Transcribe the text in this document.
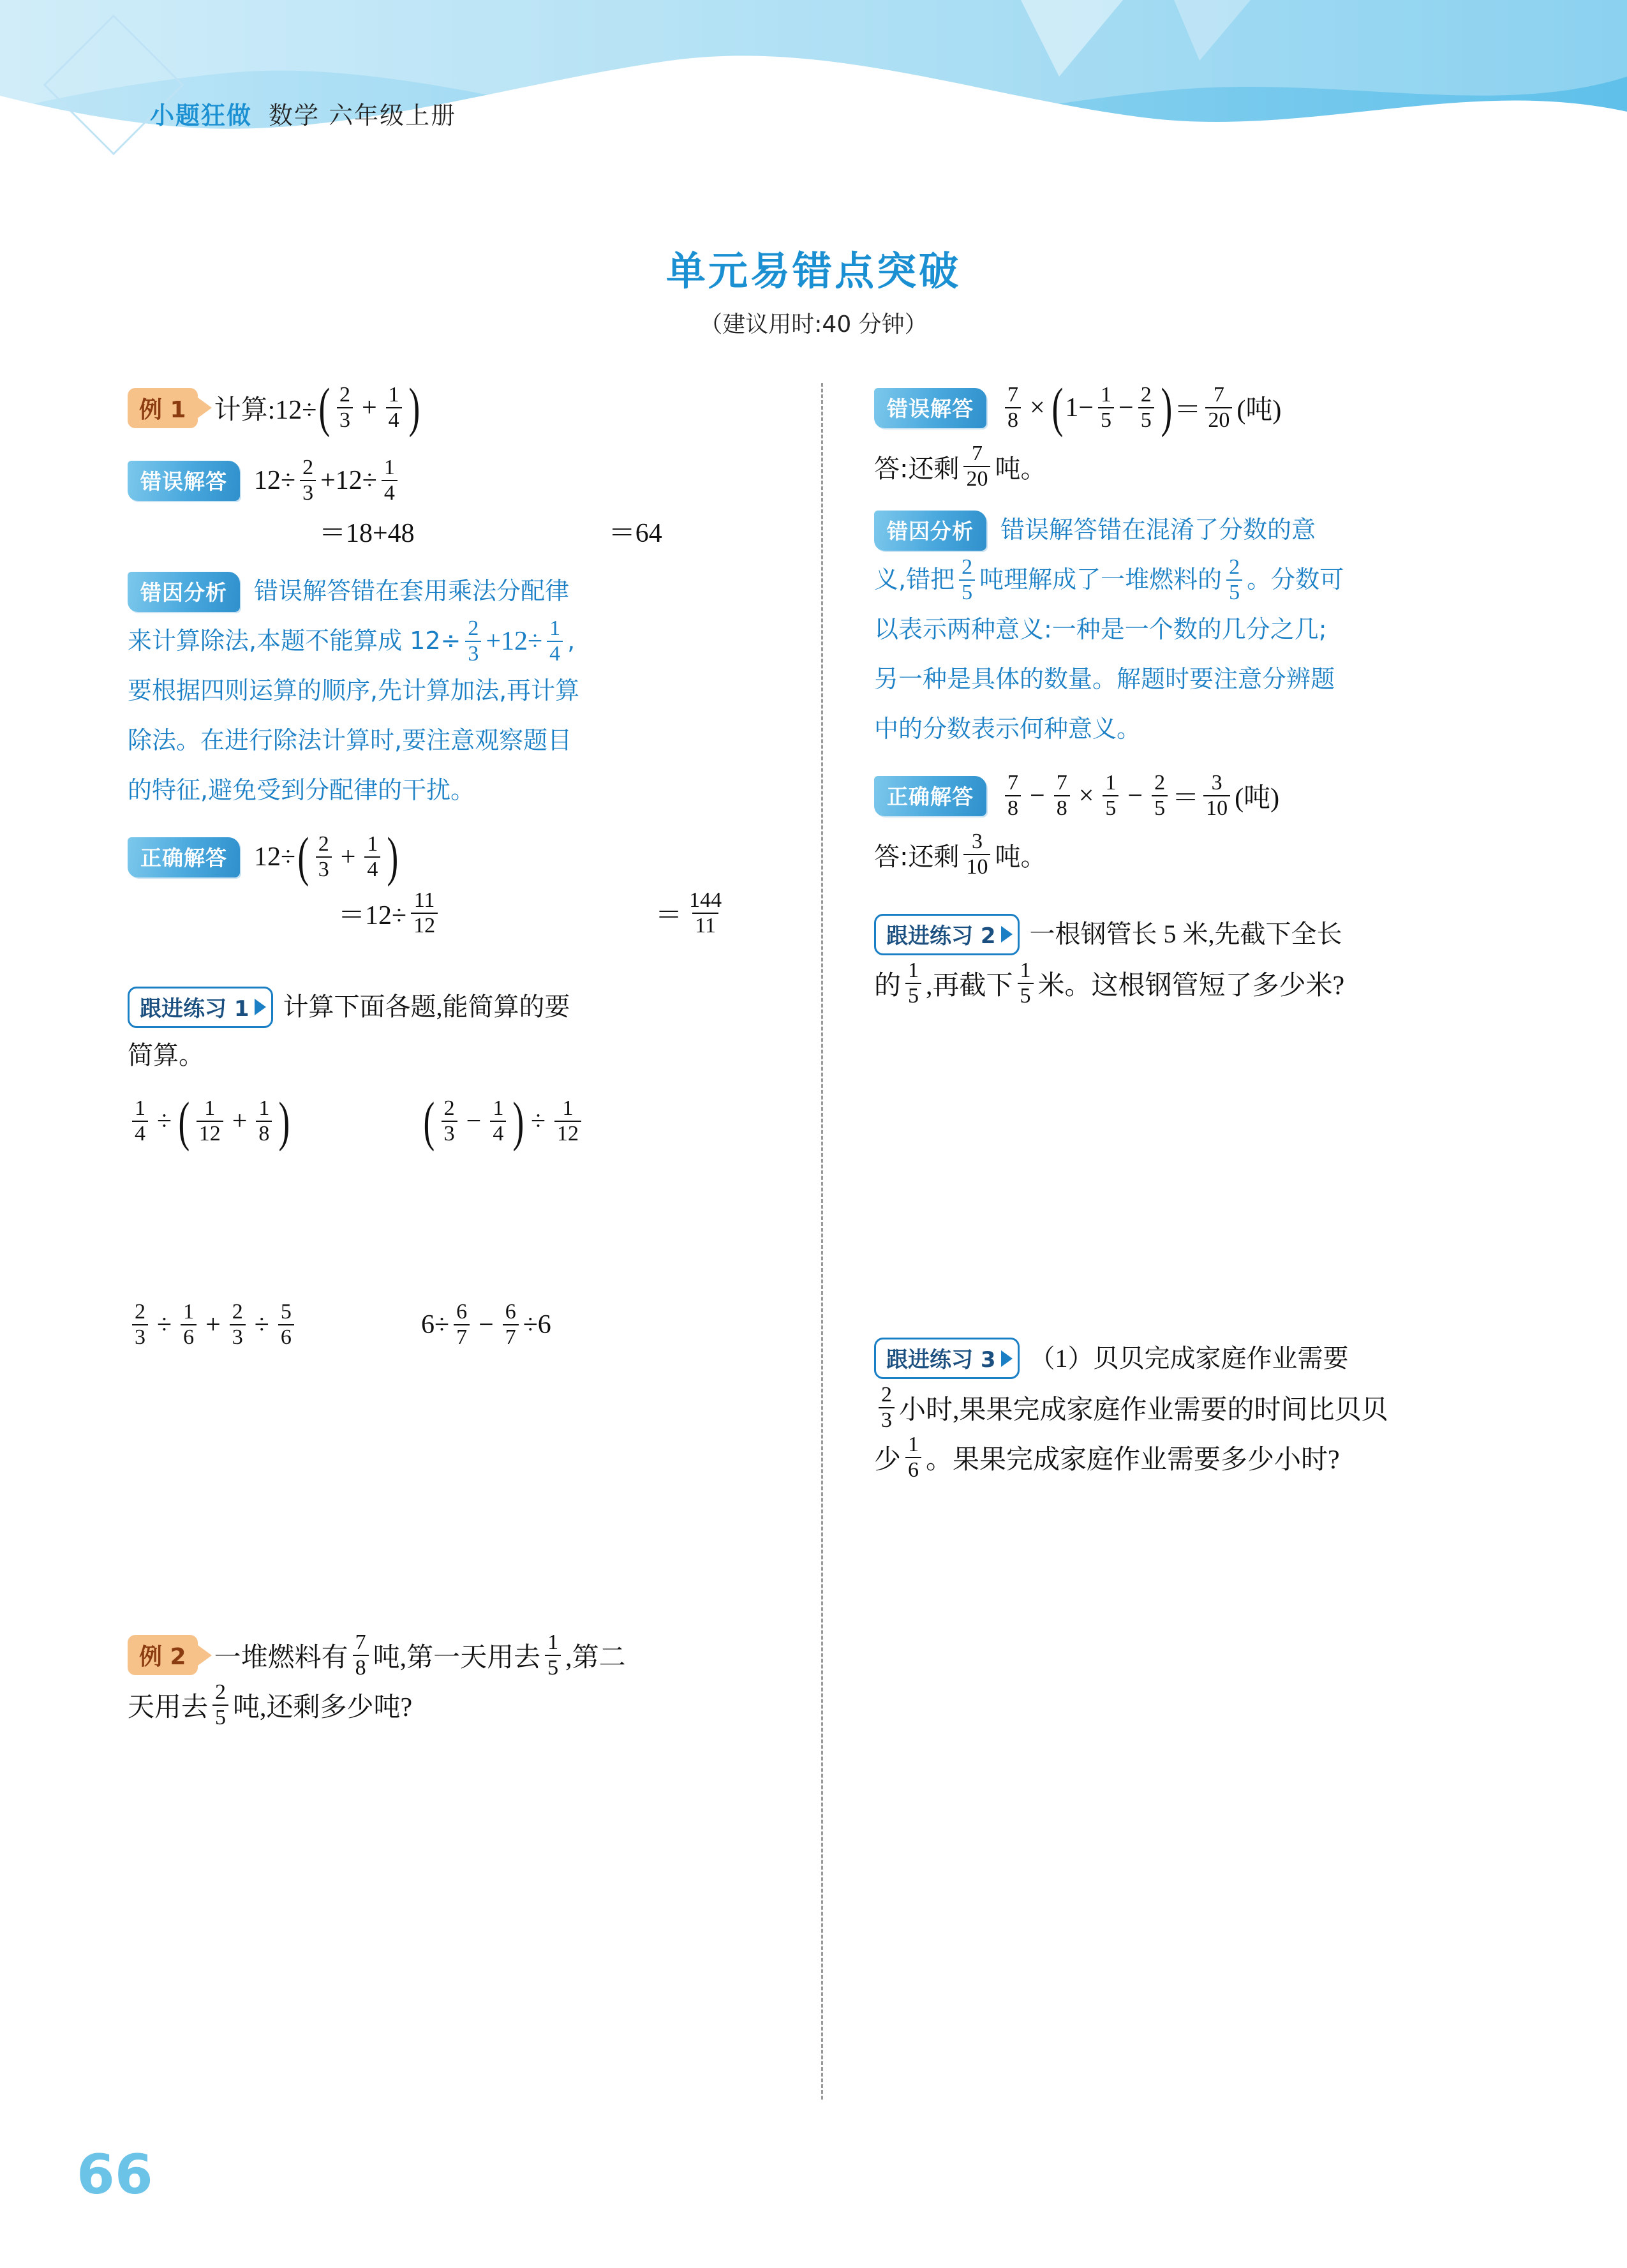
小题狂做 数学 六年级上册
单元易错点突破
（建议用时:40 分钟）
例 1	计算:12÷ ( $\frac{2}{3} + \frac{1}{4}$ )
错误解答	$12\div \frac{2}{3} +12\div \frac{1}{4}$
＝18+48	＝64
错因分析	错误解答错在套用乘法分配律
来计算除法,本题不能算成 $12\div \frac{2}{3} +12\div \frac{1}{4}$ ,
要根据四则运算的顺序,先计算加法,再计算
除法。在进行除法计算时,要注意观察题目
的特征,避免受到分配律的干扰。
正确解答	12÷ ( $\frac{2}{3} + \frac{1}{4}$ )
$=12\div \frac{11}{12}$
	＝ $\frac{144}{11}$
跟进练习 1	计算下面各题,能简算的要
简算。
$\frac{1}{4}$ ÷ ( $\frac{1}{12} + \frac{1}{8}$ ) ( $\frac{2}{3} - \frac{1}{4}$ ) ÷ $\frac{1}{12}$
$\frac{2}{3} \div \frac{1}{6} + \frac{2}{3} \div \frac{5}{6}$	$6\div \frac{6}{7} - \frac{6}{7} \div 6$
例 2	一堆燃料有 $\frac{7}{8}$ 吨,第一天用去 $\frac{1}{5}$ ,第二
天用去 $\frac{2}{5}$ 吨,还剩多少吨?
错误解答	$\frac{7}{8}$ × ( $1- \frac{1}{5} - \frac{2}{5}$ ) ＝ $\frac{7}{20}$ (吨)
答:还剩 $\frac{7}{20}$ 吨。
错因分析	错误解答错在混淆了分数的意
义,错把 $\frac{2}{5}$ 吨理解成了一堆燃料的 $\frac{2}{5}$ 。分数可
以表示两种意义:一种是一个数的几分之几;
另一种是具体的数量。解题时要注意分辨题
中的分数表示何种意义。
正确解答	$\frac{7}{8} - \frac{7}{8} \times \frac{1}{5} - \frac{2}{5} = \frac{3}{10}$ (吨)
答:还剩 $\frac{3}{10}$ 吨。
跟进练习 2	一根钢管长 5 米,先截下全长
的 $\frac{1}{5}$ ,再截下 $\frac{1}{5}$ 米。这根钢管短了多少米?
跟进练习 3	（1）贝贝完成家庭作业需要
$\frac{2}{3}$ 小时,果果完成家庭作业需要的时间比贝贝

少 $\frac{1}{6}$ 。果果完成家庭作业需要多少小时?
66
